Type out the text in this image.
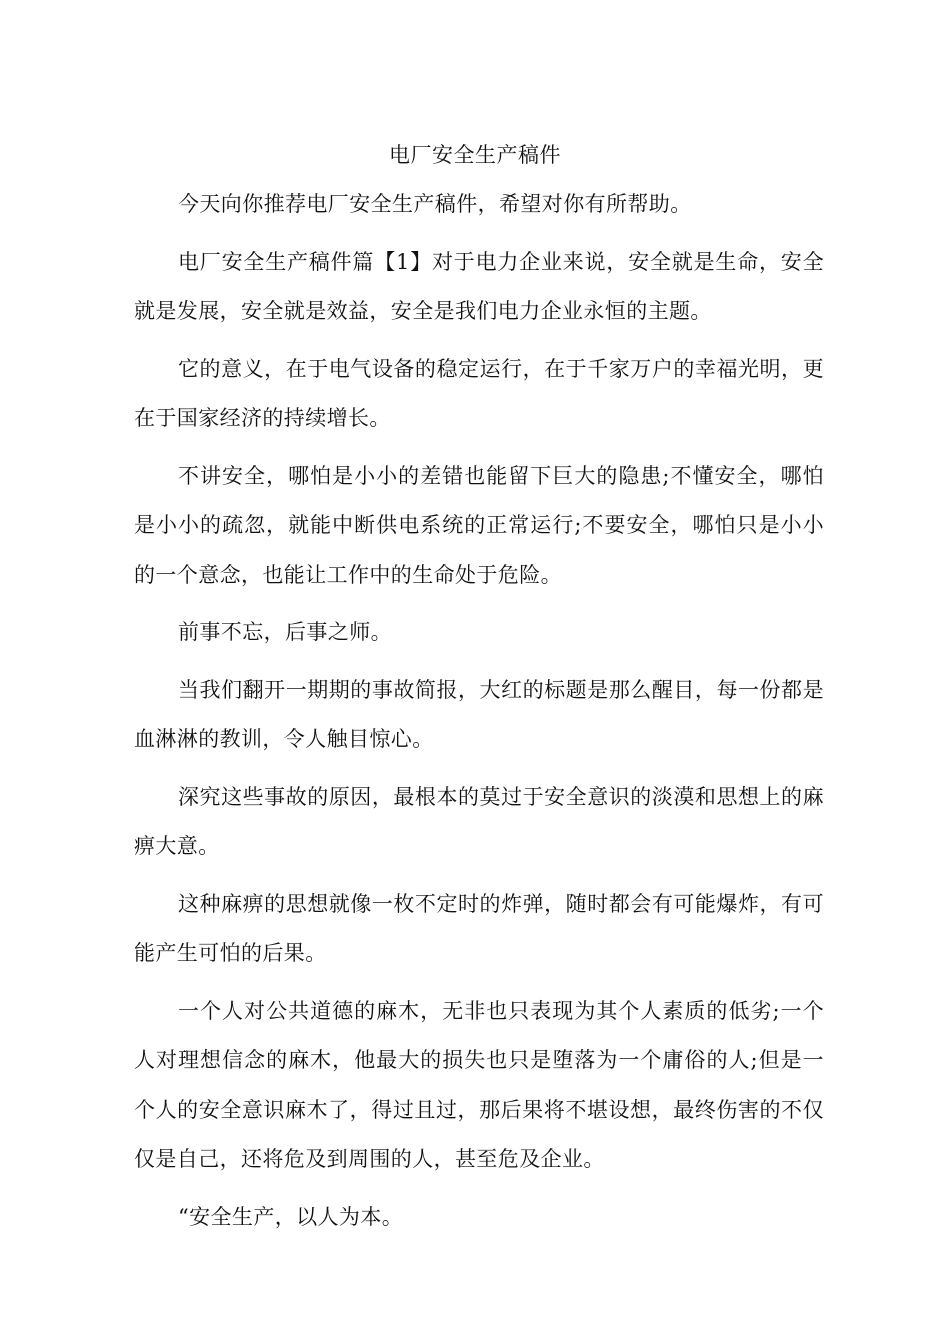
电厂安全生产稿件

今天向你推荐电厂安全生产稿件，希望对你有所帮助。

电厂安全生产稿件篇【1】对于电力企业来说，安全就是生命，安全就是发展，安全就是效益，安全是我们电力企业永恒的主题。

它的意义，在于电气设备的稳定运行，在于千家万户的幸福光明，更在于国家经济的持续增长。

不讲安全，哪怕是小小的差错也能留下巨大的隐患;不懂安全，哪怕是小小的疏忽，就能中断供电系统的正常运行;不要安全，哪怕只是小小的一个意念，也能让工作中的生命处于危险。

前事不忘，后事之师。

当我们翻开一期期的事故简报，大红的标题是那么醒目，每一份都是血淋淋的教训，令人触目惊心。

深究这些事故的原因，最根本的莫过于安全意识的淡漠和思想上的麻痹大意。

这种麻痹的思想就像一枚不定时的炸弹，随时都会有可能爆炸，有可能产生可怕的后果。

一个人对公共道德的麻木，无非也只表现为其个人素质的低劣;一个人对理想信念的麻木，他最大的损失也只是堕落为一个庸俗的人;但是一个人的安全意识麻木了，得过且过，那后果将不堪设想，最终伤害的不仅仅是自己，还将危及到周围的人，甚至危及企业。

“安全生产，以人为本。
